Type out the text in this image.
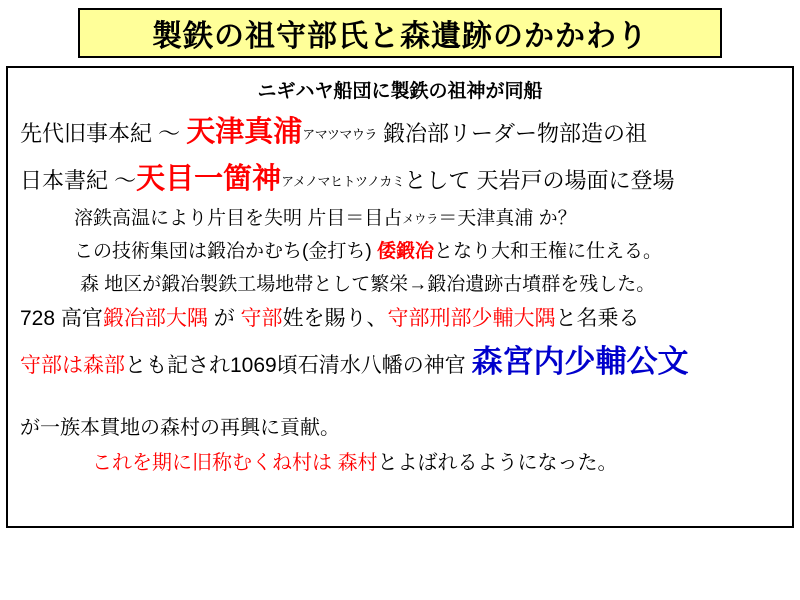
製鉄の祖守部氏と森遺跡のかかわり
ニギハヤ船団に製鉄の祖神が同船
先代旧事本紀 ～ 天津真浦アマツマウラ 鍛冶部リーダー物部造の祖
日本書紀 ～天目一箇神アメノマヒトツノカミとして 天岩戸の場面に登場
溶鉄高温により片目を失明 片目＝目占メウラ＝天津真浦 か？
この技術集団は鍛冶かむち(金打ち) 倭鍛冶となり大和王権に仕える。
森 地区が鍛冶製鉄工場地帯として繁栄→鍛冶遺跡古墳群を残した。
728 高官鍛冶部大隅 が 守部姓を賜り、守部刑部少輔大隅と名乗る
守部は森部とも記され1069頃石清水八幡の神官 森宮内少輔公文
が一族本貫地の森村の再興に貢献。
これを期に旧称むくね村は 森村とよばれるようになった。
